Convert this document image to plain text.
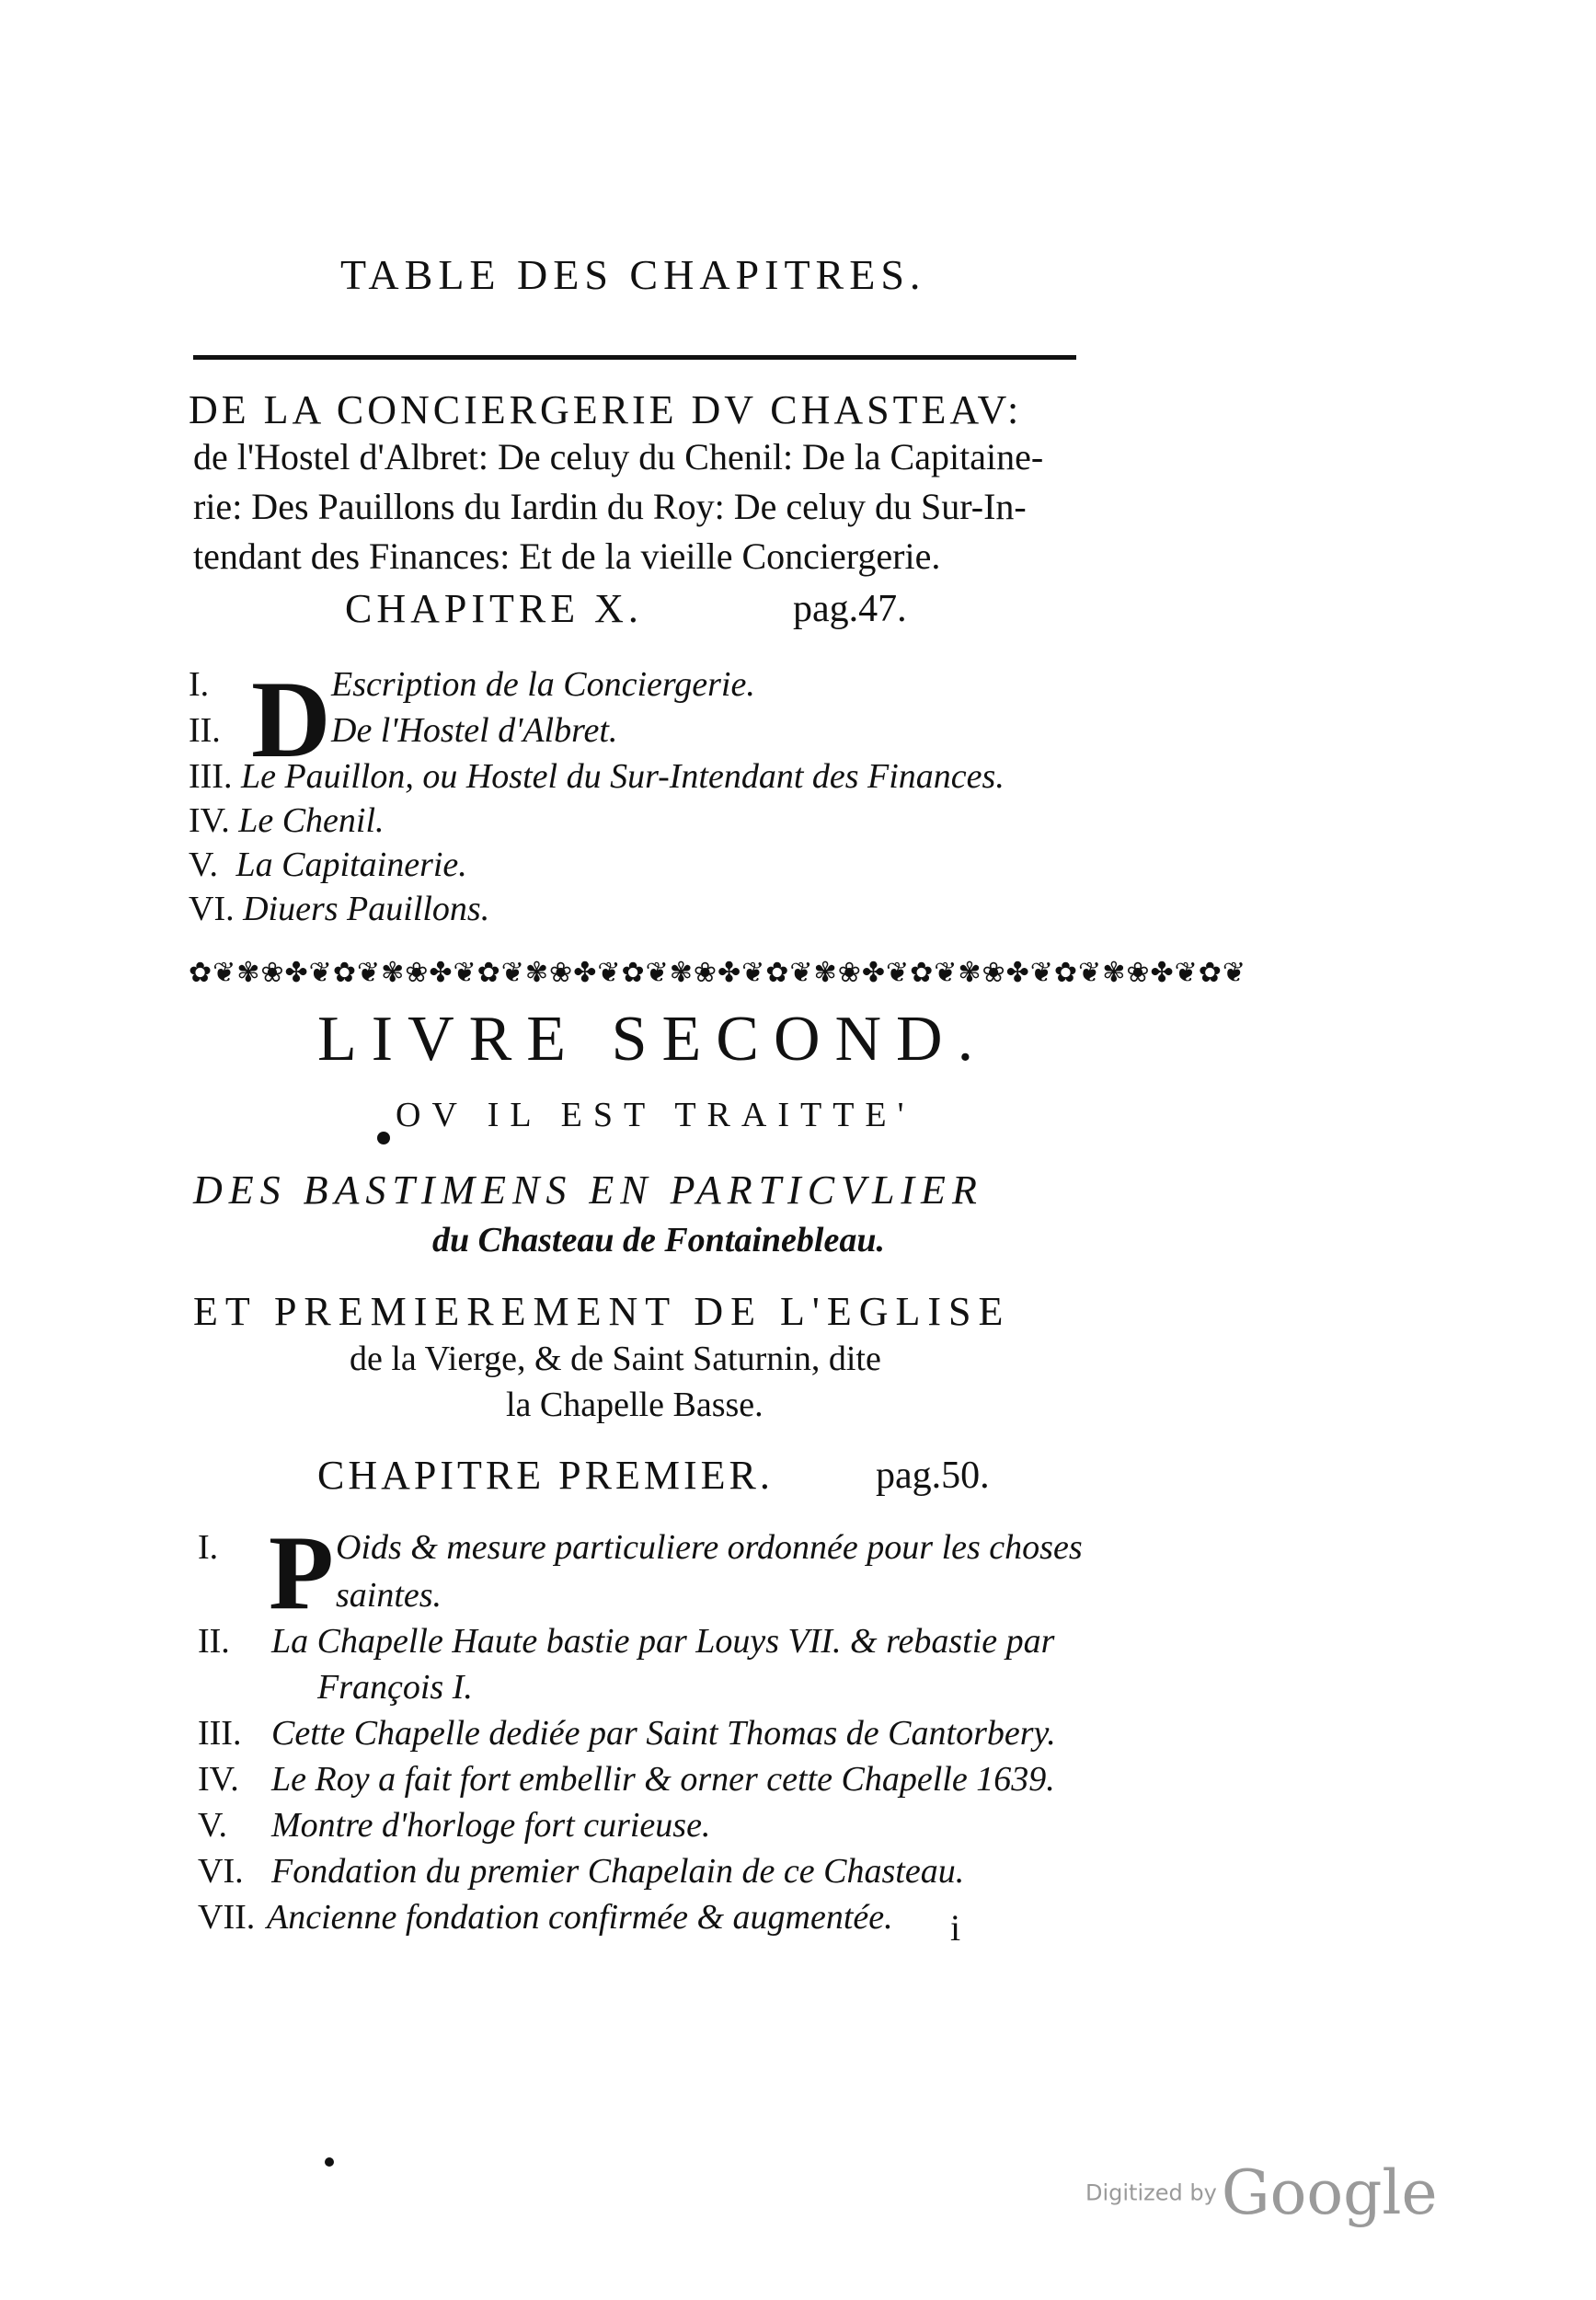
TABLE DES CHAPITRES.
DE LA CONCIERGERIE DV CHASTEAV:
de l'Hostel d'Albret: De celuy du Chenil: De la Capitaine-
rie: Des Pauillons du Iardin du Roy: De celuy du Sur-In-
tendant des Finances: Et de la vieille Conciergerie.
CHAPITRE X.	pag.47.
D
I.	Escription de la Conciergerie.
II.	De l'Hostel d'Albret.
III. Le Pauillon, ou Hostel du Sur-Intendant des Finances.
IV. Le Chenil.
V. La Capitainerie.
VI. Diuers Pauillons.
✿❦✾❀✤❦✿❦✾❀✤❦✿❦✾❀✤❦✿❦✾❀✤❦✿❦✾❀✤❦✿❦✾❀✤❦✿❦✾❀✤❦✿❦
LIVRE SECOND.
OV IL EST TRAITTE'
DES BASTIMENS EN PARTICVLIER
du Chasteau de Fontainebleau.
ET PREMIEREMENT DE L'EGLISE
de la Vierge, & de Saint Saturnin, dite
la Chapelle Basse.
CHAPITRE PREMIER.	pag.50.
P
I.	Oids & mesure particuliere ordonnée pour les choses
saintes.
II. La Chapelle Haute bastie par Louys VII. & rebastie par
François I.
III. Cette Chapelle dediée par Saint Thomas de Cantorbery.
IV. Le Roy a fait fort embellir & orner cette Chapelle 1639.
V. Montre d'horloge fort curieuse.
VI. Fondation du premier Chapelain de ce Chasteau.
VII. Ancienne fondation confirmée & augmentée. i
Digitized by Google
